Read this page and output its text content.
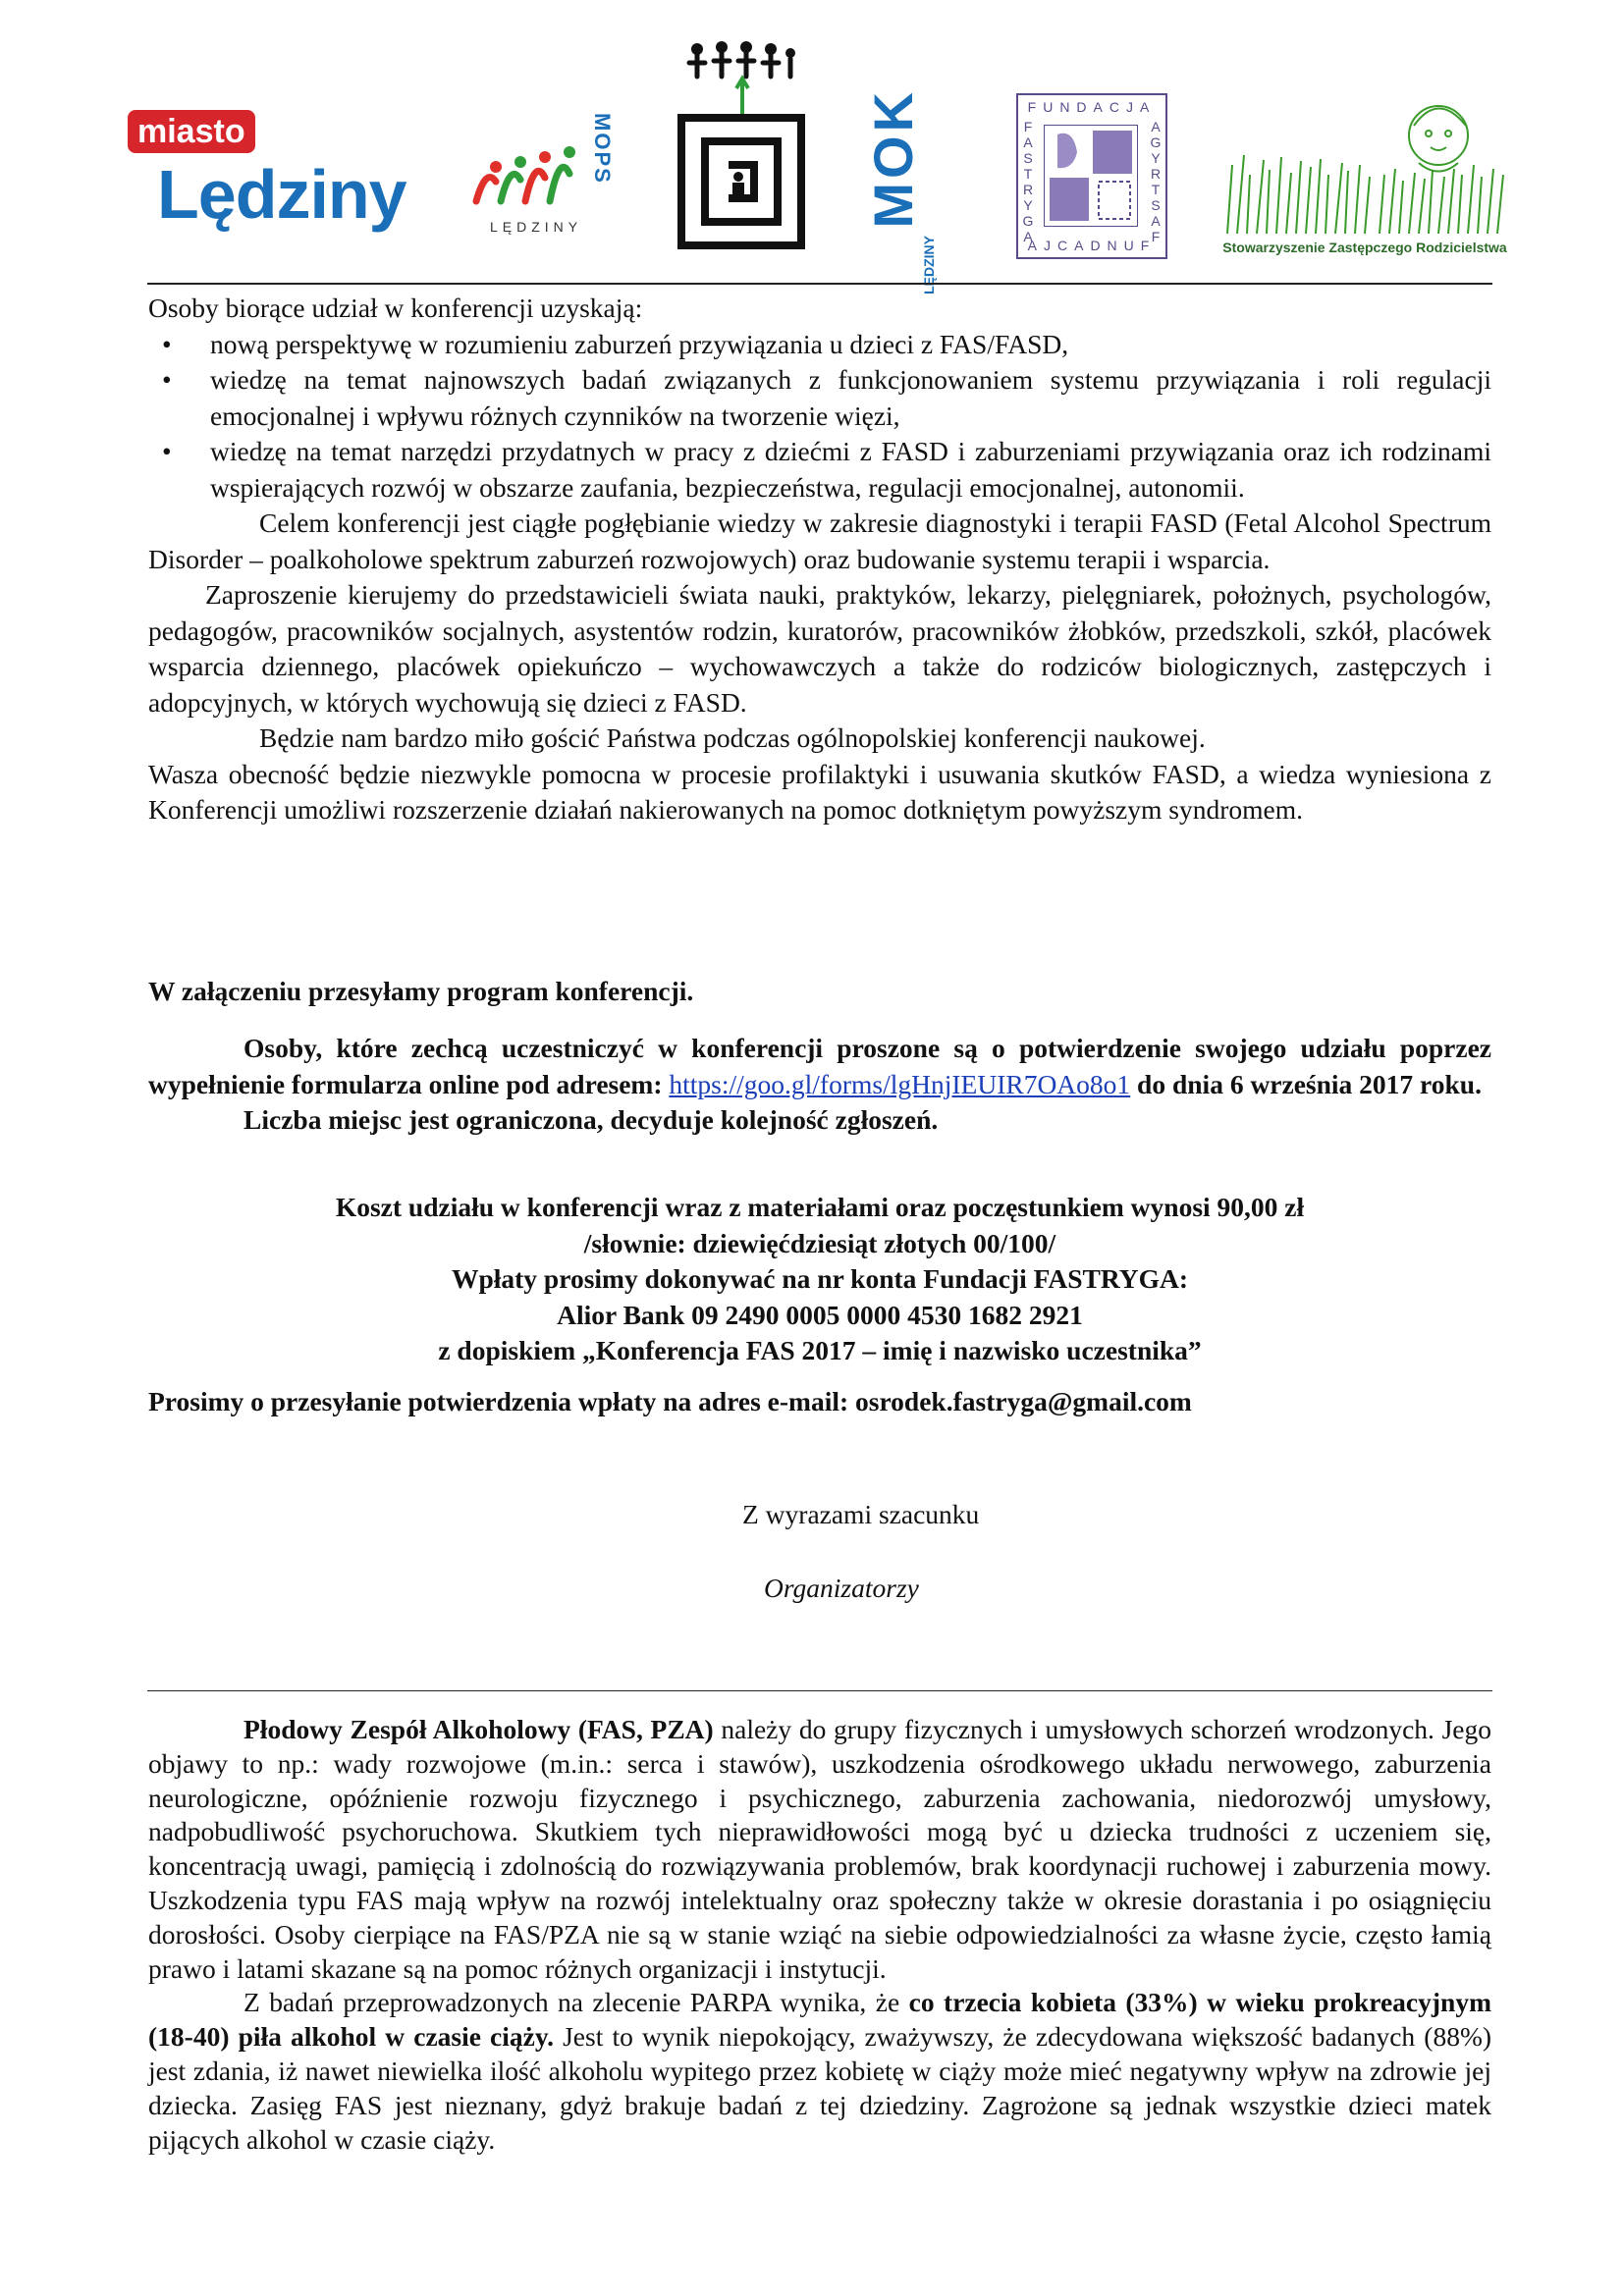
miasto
Lędziny
MOPS
LĘDZINY	MOK
LĘDZINY
FUNDACJA
F
A
S
T
R
Y
G
A
A
G
Y
R
T
S
A
F
AJCADNUF	Stowarzyszenie Zastępczego Rodzicielstwa

Osoby biorące udział w konferencji uzyskają:

• nową perspektywę w rozumieniu zaburzeń przywiązania u dzieci z FAS/FASD,
• wiedzę na temat najnowszych badań związanych z funkcjonowaniem systemu przywiązania i roli regulacji emocjonalnej i wpływu różnych czynników na tworzenie więzi,
• wiedzę na temat narzędzi przydatnych w pracy z dziećmi z FASD i zaburzeniami przywiązania oraz ich rodzinami wspierających rozwój w obszarze zaufania, bezpieczeństwa, regulacji emocjonalnej, autonomii.

Celem konferencji jest ciągłe pogłębianie wiedzy w zakresie diagnostyki i terapii FASD (Fetal Alcohol Spectrum Disorder – poalkoholowe spektrum zaburzeń rozwojowych) oraz budowanie systemu terapii i wsparcia.

Zaproszenie kierujemy do przedstawicieli świata nauki, praktyków, lekarzy, pielęgniarek, położnych, psychologów, pedagogów, pracowników socjalnych, asystentów rodzin, kuratorów, pracowników żłobków, przedszkoli, szkół, placówek wsparcia dziennego, placówek opiekuńczo – wychowawczych a także do rodziców biologicznych, zastępczych i adopcyjnych, w których wychowują się dzieci z FASD.

Będzie nam bardzo miło gościć Państwa podczas ogólnopolskiej konferencji naukowej.

Wasza obecność będzie niezwykle pomocna w procesie profilaktyki i usuwania skutków FASD, a wiedza wyniesiona z Konferencji umożliwi rozszerzenie działań nakierowanych na pomoc dotkniętym powyższym syndromem.

W załączeniu przesyłamy program konferencji.

Osoby, które zechcą uczestniczyć w konferencji proszone są o potwierdzenie swojego udziału poprzez wypełnienie formularza online pod adresem: https://goo.gl/forms/lgHnjIEUIR7OAo8o1 do dnia 6 września 2017 roku.

Liczba miejsc jest ograniczona, decyduje kolejność zgłoszeń.

Koszt udziału w konferencji wraz z materiałami oraz poczęstunkiem wynosi 90,00 zł

/słownie: dziewięćdziesiąt złotych 00/100/

Wpłaty prosimy dokonywać na nr konta Fundacji FASTRYGA:

Alior Bank 09 2490 0005 0000 4530 1682 2921

z dopiskiem „Konferencja FAS 2017 – imię i nazwisko uczestnika”

Prosimy o przesyłanie potwierdzenia wpłaty na adres e-mail: osrodek.fastryga@gmail.com

Z wyrazami szacunku

Organizatorzy

Płodowy Zespół Alkoholowy (FAS, PZA) należy do grupy fizycznych i umysłowych schorzeń wrodzonych. Jego objawy to np.: wady rozwojowe (m.in.: serca i stawów), uszkodzenia ośrodkowego układu nerwowego, zaburzenia neurologiczne, opóźnienie rozwoju fizycznego i psychicznego, zaburzenia zachowania, niedorozwój umysłowy, nadpobudliwość psychoruchowa. Skutkiem tych nieprawidłowości mogą być u dziecka trudności z uczeniem się, koncentracją uwagi, pamięcią i zdolnością do rozwiązywania problemów, brak koordynacji ruchowej i zaburzenia mowy. Uszkodzenia typu FAS mają wpływ na rozwój intelektualny oraz społeczny także w okresie dorastania i po osiągnięciu dorosłości. Osoby cierpiące na FAS/PZA nie są w stanie wziąć na siebie odpowiedzialności za własne życie, często łamią prawo i latami skazane są na pomoc różnych organizacji i instytucji.

Z badań przeprowadzonych na zlecenie PARPA wynika, że co trzecia kobieta (33%) w wieku prokreacyjnym (18-40) piła alkohol w czasie ciąży. Jest to wynik niepokojący, zważywszy, że zdecydowana większość badanych (88%) jest zdania, iż nawet niewielka ilość alkoholu wypitego przez kobietę w ciąży może mieć negatywny wpływ na zdrowie jej dziecka. Zasięg FAS jest nieznany, gdyż brakuje badań z tej dziedziny. Zagrożone są jednak wszystkie dzieci matek pijących alkohol w czasie ciąży.
